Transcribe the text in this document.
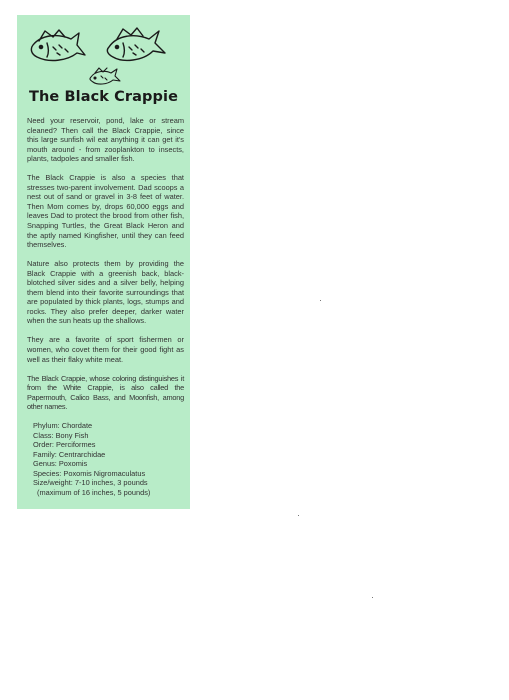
The Black Crappie

Need your reservoir, pond, lake or stream cleaned? Then call the Black Crappie, since this large sunfish wil eat anything it can get it's mouth around - from zooplankton to insects, plants, tadpoles and smaller fish.

The Black Crappie is also a species that stresses two-parent involvement. Dad scoops a nest out of sand or gravel in 3-8 feet of water. Then Mom comes by, drops 60,000 eggs and leaves Dad to protect the brood from other fish, Snapping Turtles, the Great Black Heron and the aptly named Kingfisher, until they can feed themselves.

Nature also protects them by providing the Black Crappie with a greenish back, black-blotched silver sides and a silver belly, helping them blend into their favorite surroundings that are populated by thick plants, logs, stumps and rocks. They also prefer deeper, darker water when the sun heats up the shallows.

They are a favorite of sport fishermen or women, who covet them for their good fight as well as their flaky white meat.

The Black Crappie, whose coloring distinguishes it from the White Crappie, is also called the Papermouth, Calico Bass, and Moonfish, among other names.

Phylum: Chordate
Class: Bony Fish
Order: Perciformes
Family: Centrarchidae
Genus: Poxomis
Species: Poxomis Nigromaculatus
Size/weight: 7-10 inches, 3 pounds
(maximum of 16 inches, 5 pounds)
